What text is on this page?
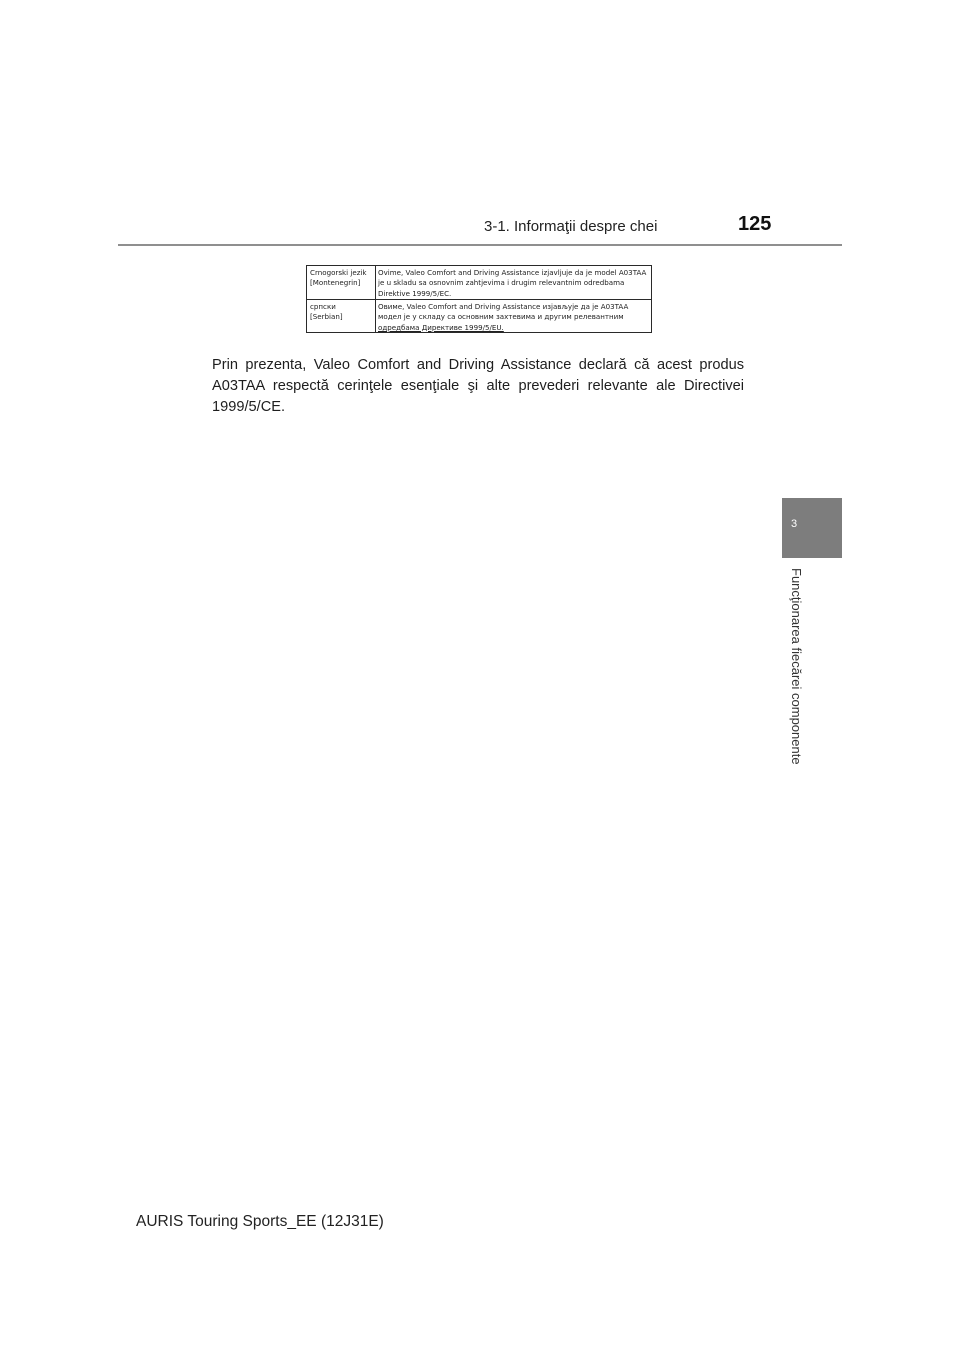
3-1. Informaţii despre chei	125
Crnogorski jezik
[Montenegrin]
Ovime, Valeo Comfort and Driving Assistance izjavljuje da je model A03TAA
je u skladu sa osnovnim zahtjevima i drugim relevantnim odredbama
Direktive 1999/5/EC.
српски
[Serbian]
Овиме, Valeo Comfort and Driving Assistance изјављује да је A03TAA
модел је у складу са основним захтевима и другим релевантним
одредбама Директиве 1999/5/EU.
Prin prezenta, Valeo Comfort and Driving Assistance declară că acest produs A03TAA respectă cerinţele esenţiale şi alte prevederi relevante ale Directivei 1999/5/CE.
3
Funcţionarea fiecărei componente
AURIS Touring Sports_EE (12J31E)
